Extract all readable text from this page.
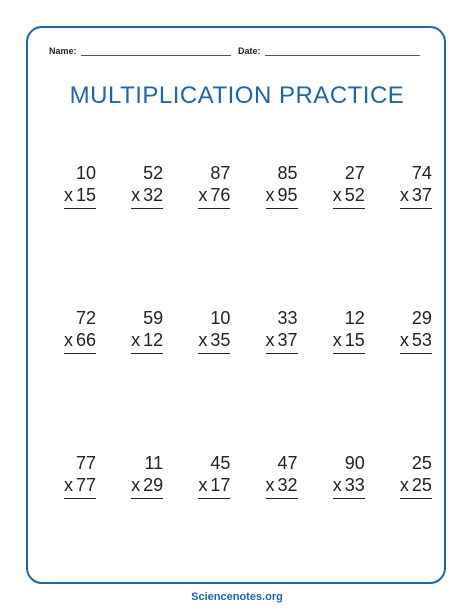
Name:	Date:
MULTIPLICATION PRACTICE
10
x 15
52
x 32
87
x 76
85
x 95
27
x 52
74
x 37
72
x 66
59
x 12
10
x 35
33
x 37
12
x 15
29
x 53
77
x 77
11
x 29
45
x 17
47
x 32
90
x 33
25
x 25
Sciencenotes.org
